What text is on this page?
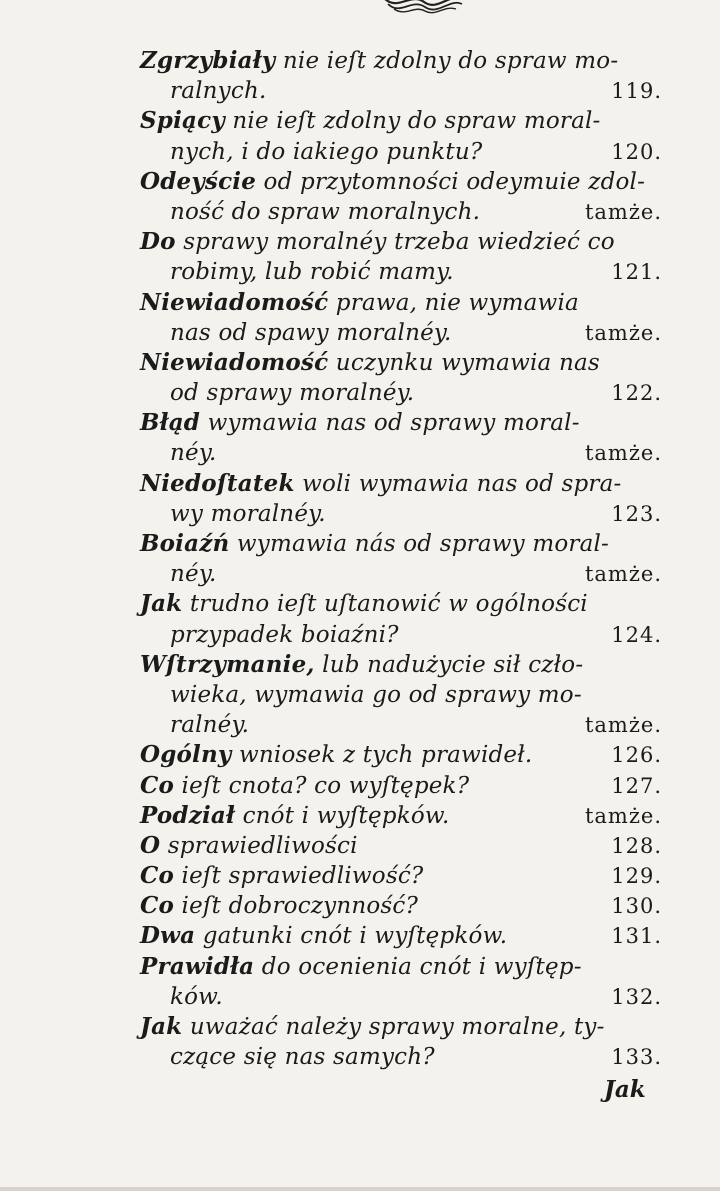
Zgrzybiały nie ieſt zdolny do spraw mo-
ralnych.	119.
Spiący nie ieſt zdolny do spraw moral-
nych, i do iakiego punktu?	120.
Odeyście od przytomności odeymuie zdol-
ność do spraw moralnych.	tamże.
Do sprawy moralnéy trzeba wiedzieć co
robimy, lub robić mamy.	121.
Niewiadomość prawa, nie wymawia
nas od spawy moralnéy.	tamże.
Niewiadomość uczynku wymawia nas
od sprawy moralnéy.	122.
Błąd wymawia nas od sprawy moral-
néy.	tamże.
Niedoſtatek woli wymawia nas od spra-
wy moralnéy.	123.
Boiaźń wymawia nás od sprawy moral-
néy.	tamże.
Jak trudno ieſt uſtanowić w ogólności
przypadek boiaźni?	124.
Wſtrzymanie, lub nadużycie sił czło-
wieka, wymawia go od sprawy mo-
ralnéy.	tamże.
Ogólny wniosek z tych prawideł.	126.
Co ieſt cnota? co wyſtępek?	127.
Podział cnót i wyſtępków.	tamże.
O sprawiedliwości	128.
Co ieſt sprawiedliwość?	129.
Co ieſt dobroczynność?	130.
Dwa gatunki cnót i wyſtępków.	131.
Prawidła do ocenienia cnót i wyſtęp-
ków.	132.
Jak uważać należy sprawy moralne, ty-
czące się nas samych?	133.
Jak
